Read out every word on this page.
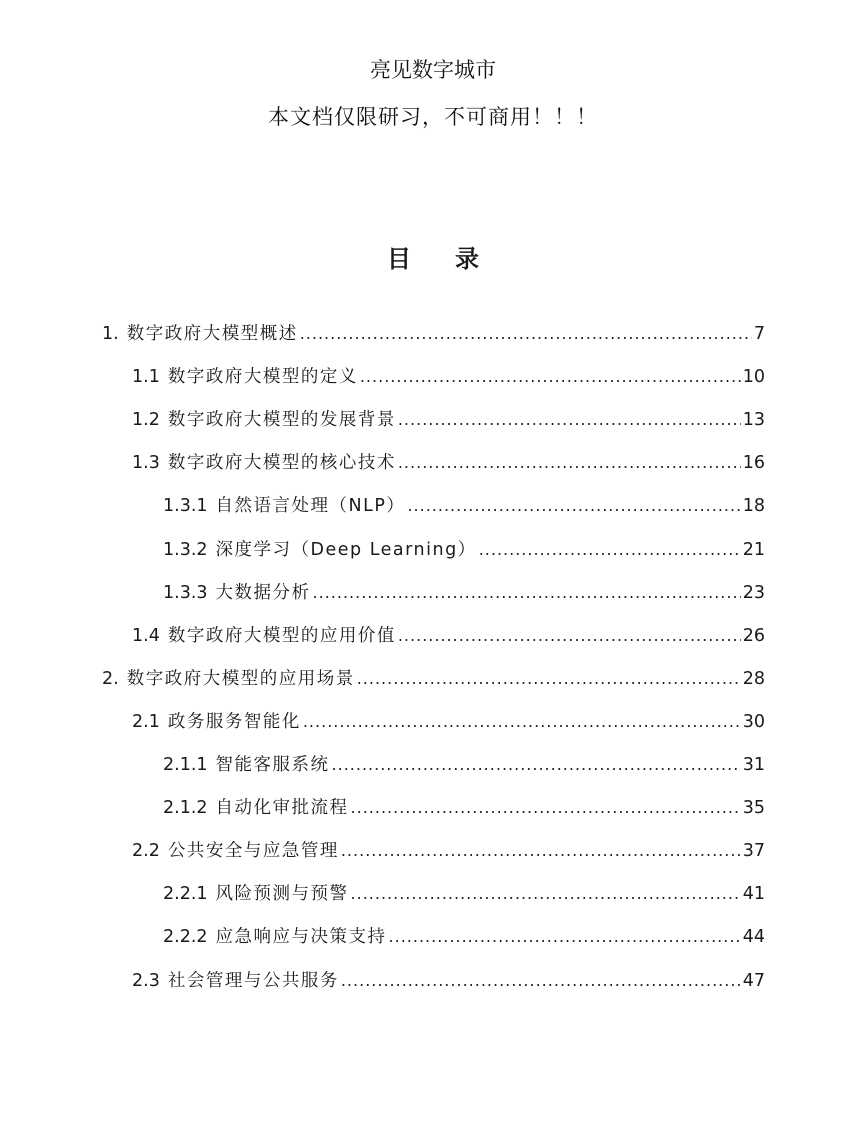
亮见数字城市
本文档仅限研习，不可商用！！！
目录
1. 数字政府大模型概述 .....	7
1.1 数字政府大模型的定义 .....	10
1.2 数字政府大模型的发展背景 .....	13
1.3 数字政府大模型的核心技术 .....	16
1.3.1 自然语言处理（NLP） .....	18
1.3.2 深度学习（Deep Learning） .....	21
1.3.3 大数据分析 .....	23
1.4 数字政府大模型的应用价值 .....	26
2. 数字政府大模型的应用场景 .....	28
2.1 政务服务智能化 .....	30
2.1.1 智能客服系统 .....	31
2.1.2 自动化审批流程 .....	35
2.2 公共安全与应急管理 .....	37
2.2.1 风险预测与预警 .....	41
2.2.2 应急响应与决策支持 .....	44
2.3 社会管理与公共服务 .....	47
